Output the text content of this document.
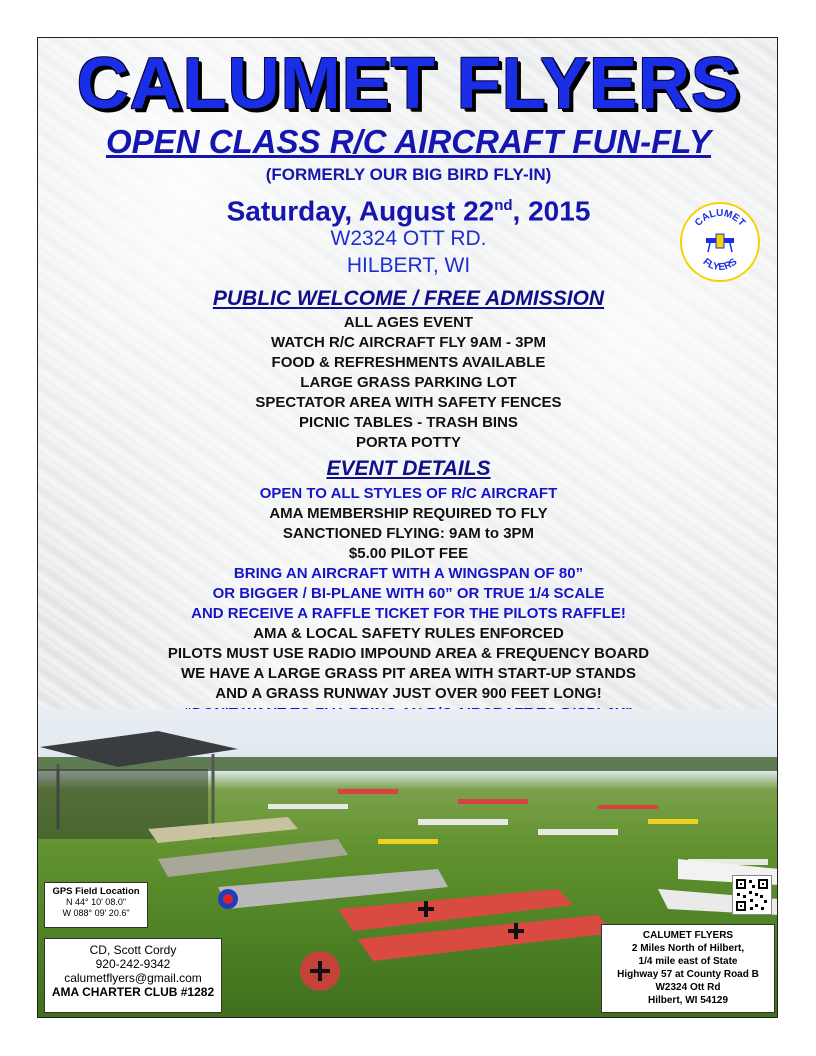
CALUMET FLYERS
OPEN CLASS R/C AIRCRAFT FUN-FLY
(FORMERLY OUR BIG BIRD FLY-IN)
Saturday, August 22nd, 2015
W2324 OTT RD.
HILBERT, WI
CALUMET
FLYERS
PUBLIC WELCOME / FREE ADMISSION
ALL AGES EVENT
WATCH R/C AIRCRAFT FLY 9AM - 3PM
FOOD & REFRESHMENTS AVAILABLE
LARGE GRASS PARKING LOT
SPECTATOR AREA WITH SAFETY FENCES
PICNIC TABLES - TRASH BINS
PORTA POTTY
EVENT DETAILS
OPEN TO ALL STYLES OF R/C AIRCRAFT
AMA MEMBERSHIP REQUIRED TO FLY
SANCTIONED FLYING: 9AM to 3PM
$5.00 PILOT FEE
BRING AN AIRCRAFT WITH A WINGSPAN OF 80”
OR BIGGER / BI-PLANE WITH 60” OR TRUE 1/4 SCALE
AND RECEIVE A RAFFLE TICKET FOR THE PILOTS RAFFLE!
AMA & LOCAL SAFETY RULES ENFORCED
PILOTS MUST USE RADIO IMPOUND AREA & FREQUENCY BOARD
WE HAVE A LARGE GRASS PIT AREA WITH START-UP STANDS
AND A GRASS RUNWAY JUST OVER 900 FEET LONG!
GPS Field Location
N 44° 10' 08.0"
W 088° 09' 20.6"
CD, Scott Cordy
920-242-9342
calumetflyers@gmail.com
AMA CHARTER CLUB #1282
CALUMET FLYERS
2 Miles North of Hilbert,
1/4 mile east of State
Highway 57 at County Road B
W2324 Ott Rd
Hilbert, WI 54129
